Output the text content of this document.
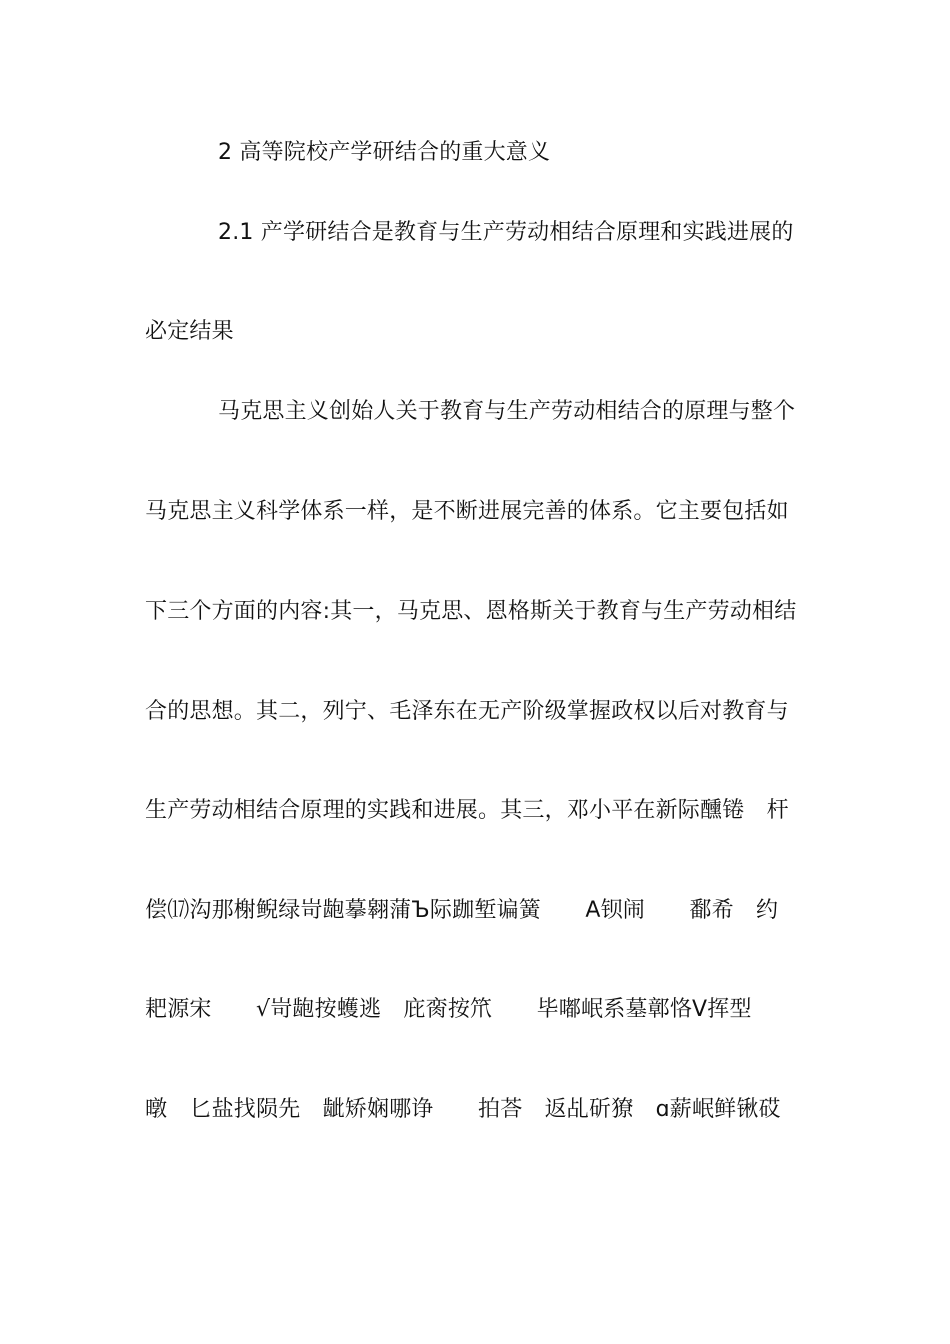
2 高等院校产学研结合的重大意义
2.1 产学研结合是教育与生产劳动相结合原理和实践进展的
必定结果
马克思主义创始人关于教育与生产劳动相结合的原理与整个
马克思主义科学体系一样，是不断进展完善的体系。它主要包括如
下三个方面的内容:其一，马克思、恩格斯关于教育与生产劳动相结
合的思想。其二，列宁、毛泽东在无产阶级掌握政权以后对教育与
生产劳动相结合原理的实践和进展。其三，邓小平在新际醺锩　杆
偿⒄沟那榭鲵绿岢龅摹翱蒲Ъ际跏堑谝簧　　Α钡闹　　鄱希　约
耙源宋　　√岢龅按蠖逃　庇脔按笊　　毕嘟岷系墓鄣恪Ⅴ挥型
暾　匕盐找陨先　龇矫娴哪诤　　拍荅　返乩斫獠　ɑ薪岷鲜锹砹
